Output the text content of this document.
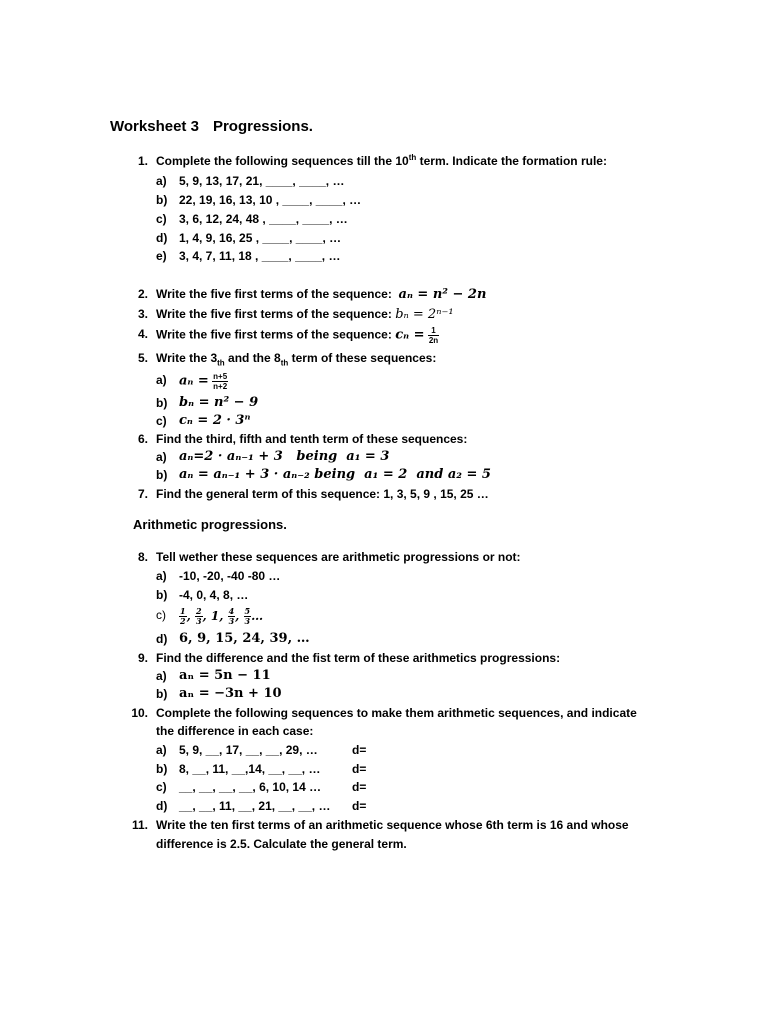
Worksheet 3 Progressions.
1. Complete the following sequences till the 10th term. Indicate the formation rule:
a) 5, 9, 13, 17, 21, ____, ____, …
b) 22, 19, 16, 13, 10 , ____, ____, …
c) 3, 6, 12, 24, 48 , ____, ____, …
d) 1, 4, 9, 16, 25 , ____, ____, …
e) 3, 4, 7, 11, 18 , ____, ____, …
2. Write the five first terms of the sequence: aₙ = n² − 2n
3. Write the five first terms of the sequence: bₙ = 2ⁿ⁻¹
4. Write the five first terms of the sequence: $c_n = \frac{1}{2n}$
5. Write the $3_{th}$ and the $8_{th}$ term of these sequences:
a) $a_n = \frac{n+5}{n+2}$
b) bₙ = n² − 9
c) cₙ = 2 · 3ⁿ
6. Find the third, fifth and tenth term of these sequences:
a) aₙ=2 · aₙ₋₁ + 3   being  a₁ = 3
b) aₙ = aₙ₋₁ + 3 · aₙ₋₂ being  a₁ = 2  and a₂ = 5
7. Find the general term of this sequence: 1, 3, 5, 9 , 15, 25 …
Arithmetic progressions.
8. Tell wether these sequences are arithmetic progressions or not:
a) -10, -20, -40 -80 …
b) -4, 0, 4, 8, …
$c) \frac{1}{2}$ , $\frac{2}{3}$ , 1, $\frac{4}{3}$ , $\frac{5}{3}$ …
d) 6, 9, 15, 24, 39, …
9. Find the difference and the fist term of these arithmetics progressions:
a) aₙ = 5n − 11
b) aₙ = −3n + 10
10. Complete the following sequences to make them arithmetic sequences, and indicate
the difference in each case:
a) 5, 9, __, 17, __, __, 29, …	d=
b) 8, __, 11, __,14, __, __, …	d=
c) __, __, __, __, 6, 10, 14 …	d=
d) __, __, 11, __, 21, __, __, … d=
11. Write the ten first terms of an arithmetic sequence whose 6th term is 16 and whose
difference is 2.5. Calculate the general term.
